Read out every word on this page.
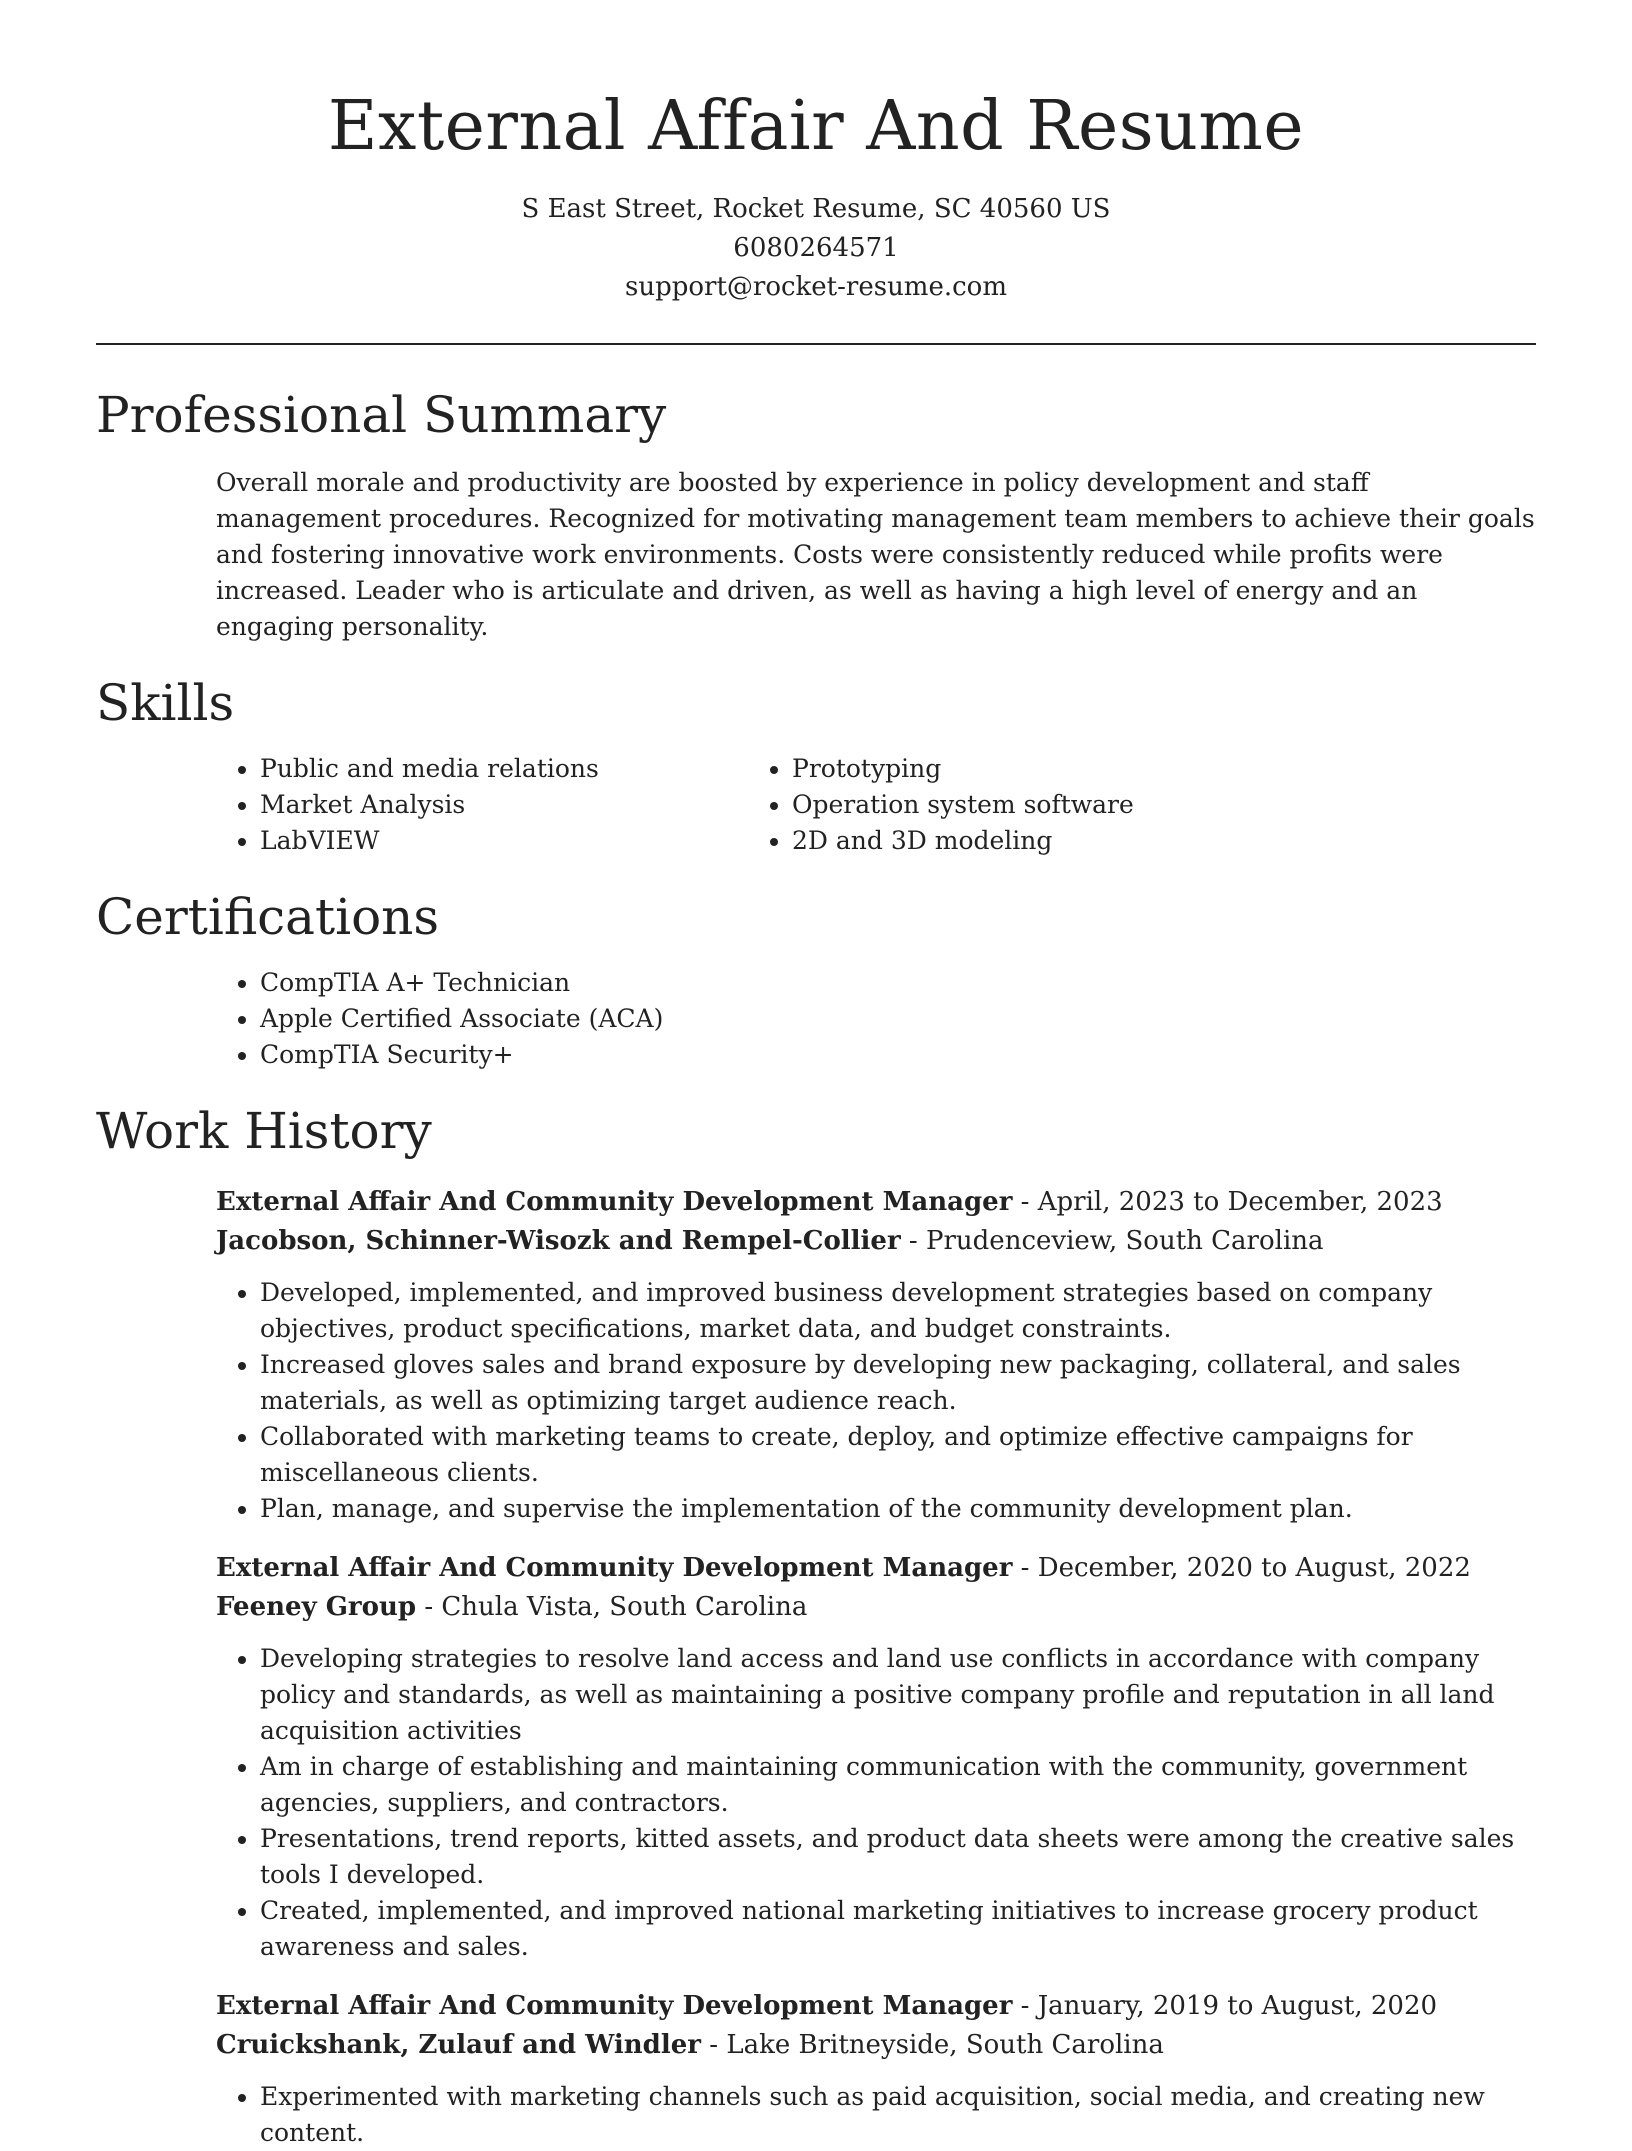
External Affair And Resume
S East Street, Rocket Resume, SC 40560 US
6080264571
support@rocket-resume.com
Professional Summary

Overall morale and productivity are boosted by experience in policy development and staff management procedures. Recognized for motivating management team members to achieve their goals and fostering innovative work environments. Costs were consistently reduced while profits were increased. Leader who is articulate and driven, as well as having a high level of energy and an engaging personality.

Skills
• Public and media relations
• Market Analysis
• LabVIEW
• Prototyping
• Operation system software
• 2D and 3D modeling
Certifications
• CompTIA A+ Technician
• Apple Certified Associate (ACA)
• CompTIA Security+
Work History
External Affair And Community Development Manager - April, 2023 to December, 2023
Jacobson, Schinner-Wisozk and Rempel-Collier - Prudenceview, South Carolina
• Developed, implemented, and improved business development strategies based on company objectives, product specifications, market data, and budget constraints.
• Increased gloves sales and brand exposure by developing new packaging, collateral, and sales materials, as well as optimizing target audience reach.
• Collaborated with marketing teams to create, deploy, and optimize effective campaigns for miscellaneous clients.
• Plan, manage, and supervise the implementation of the community development plan.
External Affair And Community Development Manager - December, 2020 to August, 2022
Feeney Group - Chula Vista, South Carolina
• Developing strategies to resolve land access and land use conflicts in accordance with company policy and standards, as well as maintaining a positive company profile and reputation in all land acquisition activities
• Am in charge of establishing and maintaining communication with the community, government agencies, suppliers, and contractors.
• Presentations, trend reports, kitted assets, and product data sheets were among the creative sales tools I developed.
• Created, implemented, and improved national marketing initiatives to increase grocery product awareness and sales.
External Affair And Community Development Manager - January, 2019 to August, 2020
Cruickshank, Zulauf and Windler - Lake Britneyside, South Carolina
• Experimented with marketing channels such as paid acquisition, social media, and creating new content.
